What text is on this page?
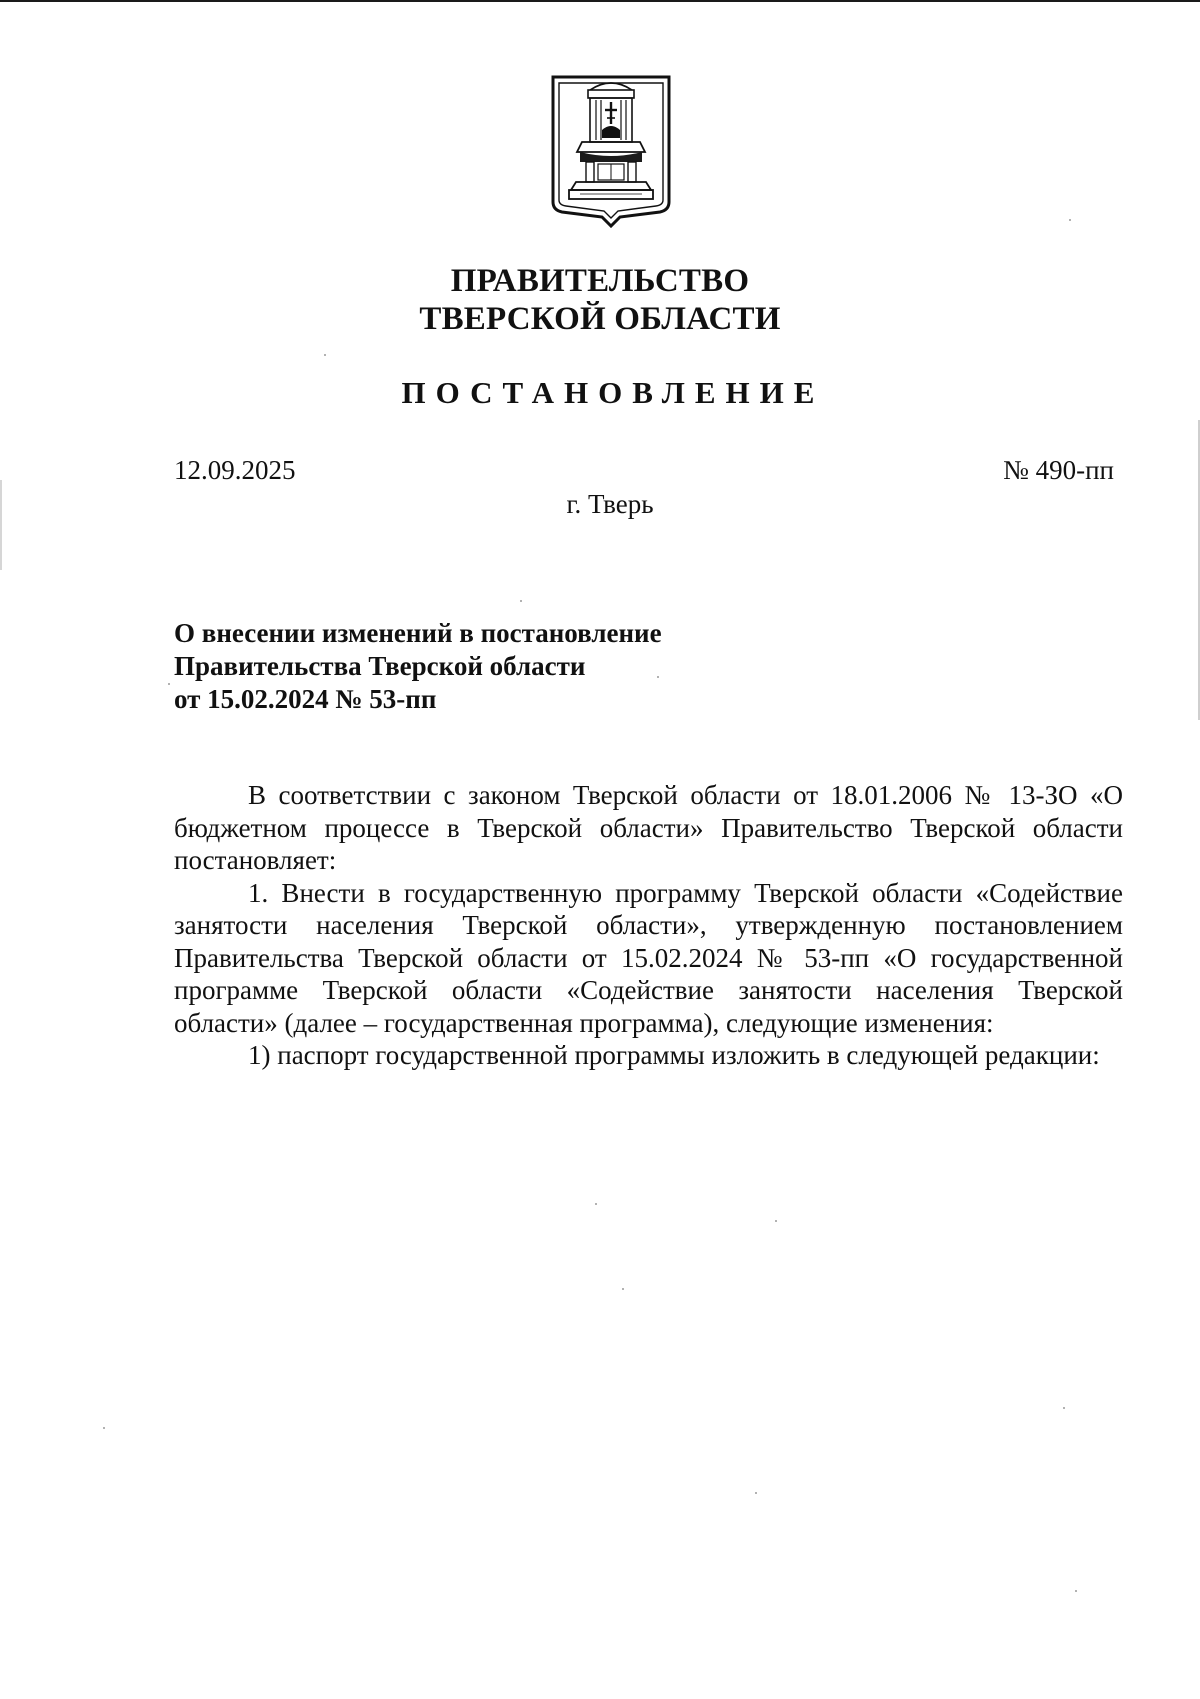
ПРАВИТЕЛЬСТВО
ТВЕРСКОЙ ОБЛАСТИ
ПОСТАНОВЛЕНИЕ
12.09.2025	№ 490-пп
г. Тверь
О внесении изменений в постановление
Правительства Тверской области
от 15.02.2024 № 53-пп

В соответствии с законом Тверской области от 18.01.2006 № 13-ЗО «О бюджетном процессе в Тверской области» Правительство Тверской области постановляет:

1. Внести в государственную программу Тверской области «Содействие занятости населения Тверской области», утвержденную постановлением Правительства Тверской области от 15.02.2024 № 53-пп «О государственной программе Тверской области «Содействие занятости населения Тверской области» (далее – государственная программа), следующие изменения:

1) паспорт государственной программы изложить в следующей редакции:
